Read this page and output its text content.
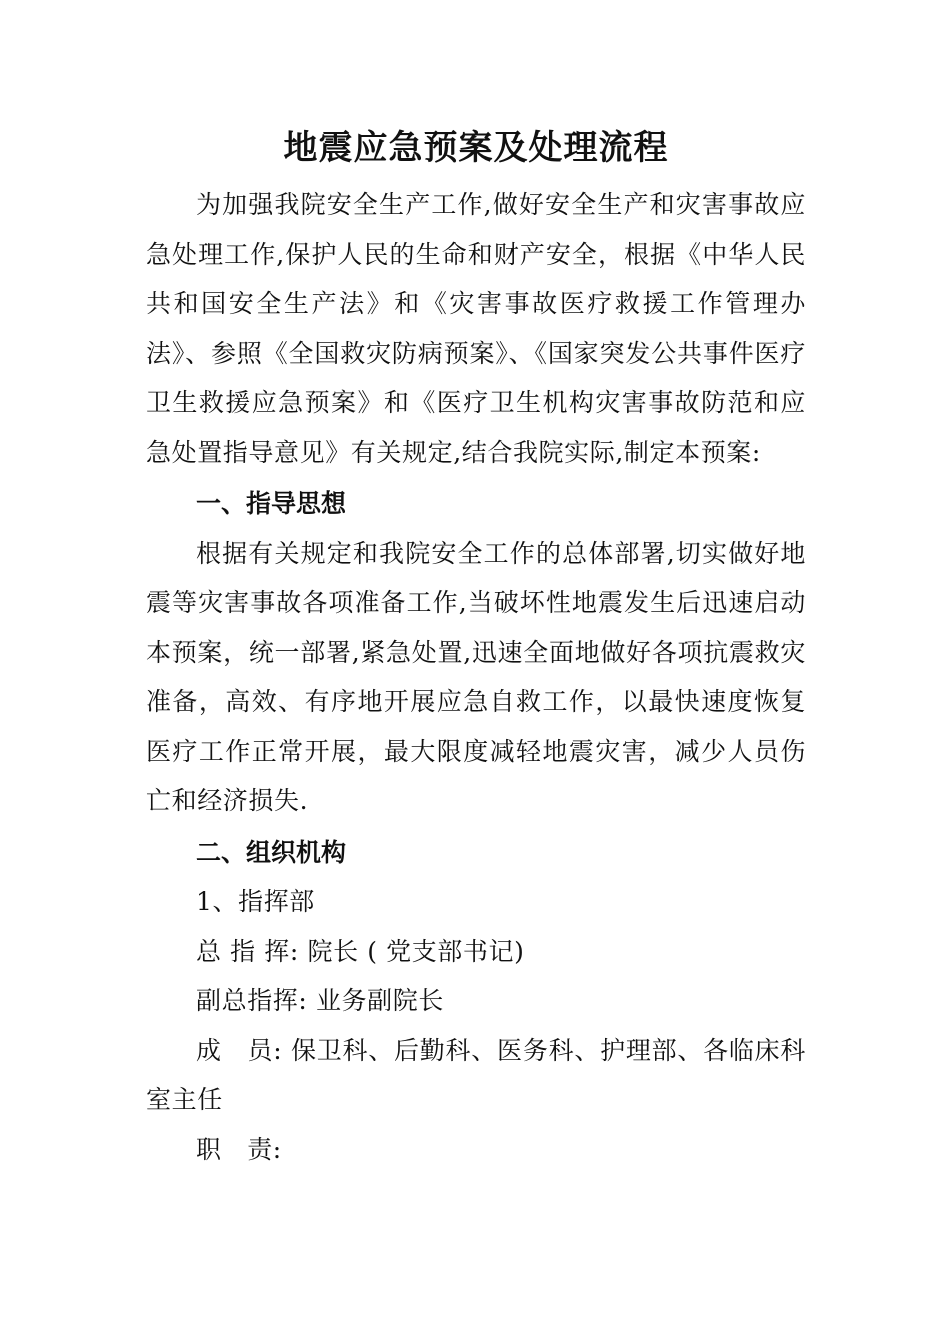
地震应急预案及处理流程

为加强我院安全生产工作,做好安全生产和灾害事故应急处理工作,保护人民的生命和财产安全，根据《中华人民共和国安全生产法》和《灾害事故医疗救援工作管理办法》、参照《全国救灾防病预案》、《国家突发公共事件医疗卫生救援应急预案》和《医疗卫生机构灾害事故防范和应急处置指导意见》有关规定,结合我院实际,制定本预案:

一、指导思想

根据有关规定和我院安全工作的总体部署,切实做好地震等灾害事故各项准备工作,当破坏性地震发生后迅速启动本预案，统一部署,紧急处置,迅速全面地做好各项抗震救灾准备，高效、有序地开展应急自救工作，以最快速度恢复医疗工作正常开展，最大限度减轻地震灾害，减少人员伤亡和经济损失.

二、组织机构

1、指挥部

总 指 挥: 院长 ( 党支部书记)

副总指挥: 业务副院长

成　员: 保卫科、后勤科、医务科、护理部、各临床科室主任

职　责:
